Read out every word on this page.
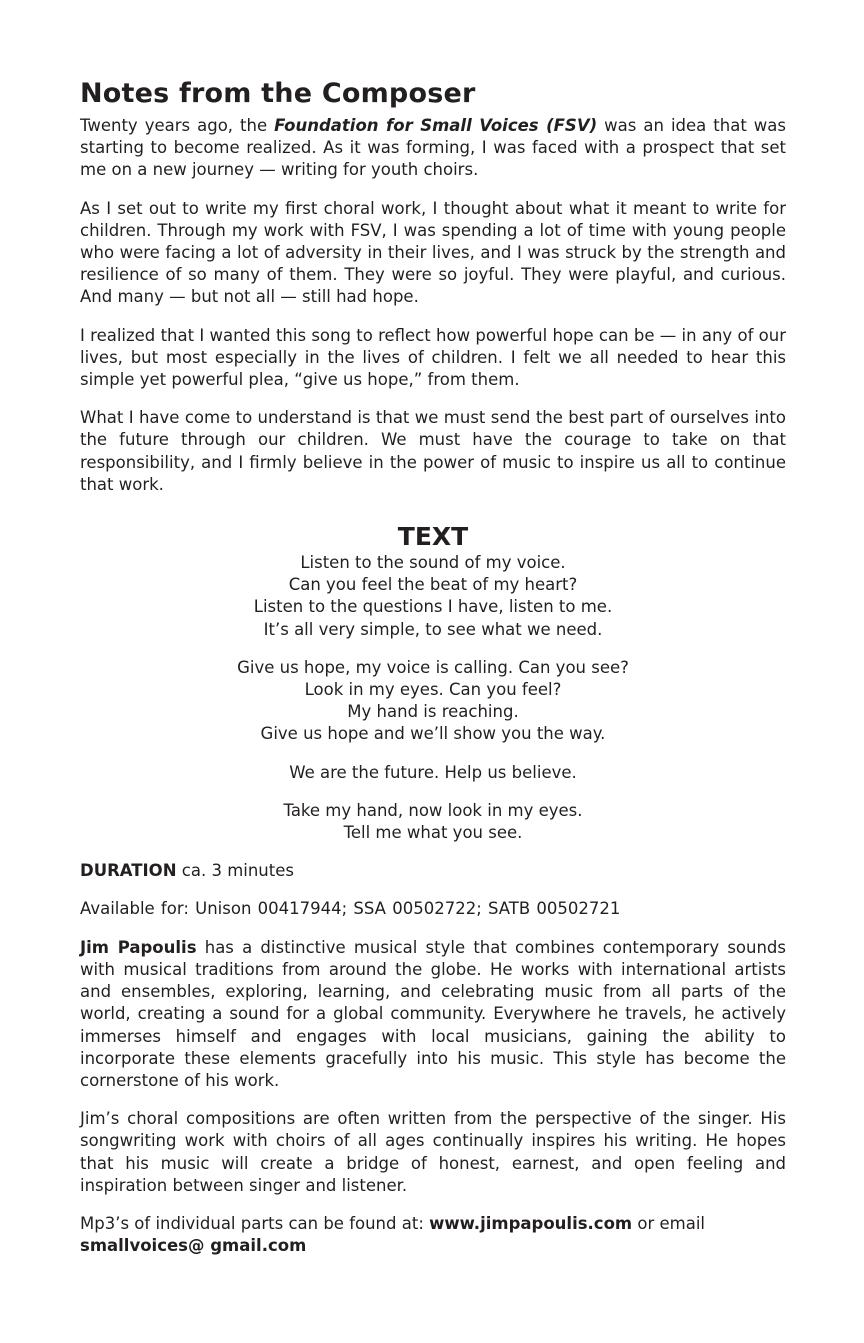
Notes from the Composer

Twenty years ago, the Foundation for Small Voices (FSV) was an idea that was starting to become realized. As it was forming, I was faced with a prospect that set me on a new journey — writing for youth choirs.

As I set out to write my first choral work, I thought about what it meant to write for children. Through my work with FSV, I was spending a lot of time with young people who were facing a lot of adversity in their lives, and I was struck by the strength and resilience of so many of them. They were so joyful. They were playful, and curious. And many — but not all — still had hope.

I realized that I wanted this song to reflect how powerful hope can be — in any of our lives, but most especially in the lives of children. I felt we all needed to hear this simple yet powerful plea, “give us hope,” from them.

What I have come to understand is that we must send the best part of ourselves into the future through our children. We must have the courage to take on that responsibility, and I firmly believe in the power of music to inspire us all to continue that work.

TEXT
Listen to the sound of my voice.
Can you feel the beat of my heart?
Listen to the questions I have, listen to me.
It’s all very simple, to see what we need.
Give us hope, my voice is calling. Can you see?
Look in my eyes. Can you feel?
My hand is reaching.
Give us hope and we’ll show you the way.
We are the future. Help us believe.
Take my hand, now look in my eyes.
Tell me what you see.

DURATION ca. 3 minutes

Available for: Unison 00417944; SSA 00502722; SATB 00502721

Jim Papoulis has a distinctive musical style that combines contemporary sounds with musical traditions from around the globe. He works with international artists and ensembles, exploring, learning, and celebrating music from all parts of the world, creating a sound for a global community. Everywhere he travels, he actively immerses himself and engages with local musicians, gaining the ability to incorporate these elements gracefully into his music. This style has become the cornerstone of his work.

Jim’s choral compositions are often written from the perspective of the singer. His songwriting work with choirs of all ages continually inspires his writing. He hopes that his music will create a bridge of honest, earnest, and open feeling and inspiration between singer and listener.

Mp3’s of individual parts can be found at: www.jimpapoulis.com or email smallvoices@ gmail.com
